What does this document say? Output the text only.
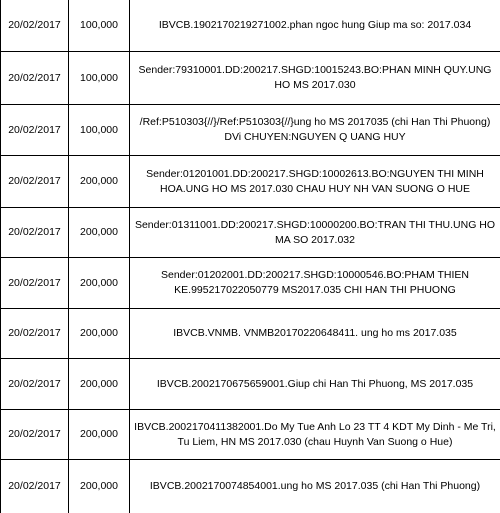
20/02/2017	100,000	IBVCB.1902170219271002.phan ngoc hung Giup ma so: 2017.034
20/02/2017	100,000	Sender:79310001.DD:200217.SHGD:10015243.BO:PHAN MINH QUY.UNG HO MS 2017.030
20/02/2017	100,000	/Ref:P510303{//}/Ref:P510303{//}ung ho MS 2017035 (chi Han Thi Phuong) DVi CHUYEN:NGUYEN Q UANG HUY
20/02/2017	200,000	Sender:01201001.DD:200217.SHGD:10002613.BO:NGUYEN THI MINH HOA.UNG HO MS 2017.030 CHAU HUY NH VAN SUONG O HUE
20/02/2017	200,000	Sender:01311001.DD:200217.SHGD:10000200.BO:TRAN THI THU.UNG HO MA SO 2017.032
20/02/2017	200,000	Sender:01202001.DD:200217.SHGD:10000546.BO:PHAM THIEN KE.995217022050779 MS2017.035 CHI HAN THI PHUONG
20/02/2017	200,000	IBVCB.VNMB. VNMB20170220648411. ung ho ms 2017.035
20/02/2017	200,000	IBVCB.2002170675659001.Giup chi Han Thi Phuong, MS 2017.035
20/02/2017	200,000	IBVCB.2002170411382001.Do My Tue Anh Lo 23 TT 4 KDT My Dinh - Me Tri, Tu Liem, HN MS 2017.030 (chau Huynh Van Suong o Hue)
20/02/2017	200,000	IBVCB.2002170074854001.ung ho MS 2017.035 (chi Han Thi Phuong)
